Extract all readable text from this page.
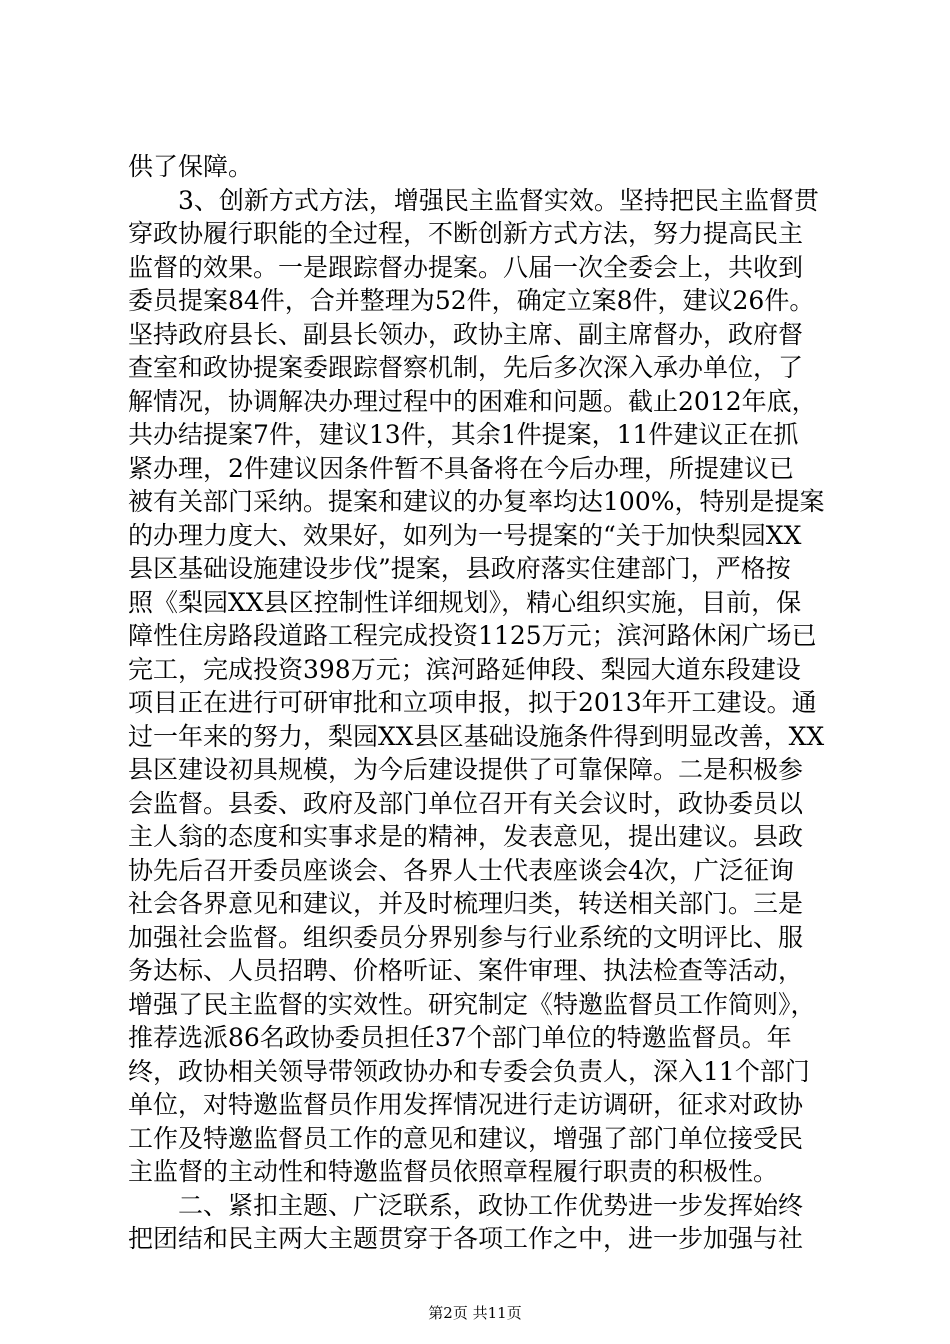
供了保障。
　　3、创新方式方法，增强民主监督实效。坚持把民主监督贯
穿政协履行职能的全过程，不断创新方式方法，努力提高民主
监督的效果。一是跟踪督办提案。八届一次全委会上，共收到
委员提案84件，合并整理为52件，确定立案8件，建议26件。
坚持政府县长、副县长领办，政协主席、副主席督办，政府督
查室和政协提案委跟踪督察机制，先后多次深入承办单位，了
解情况，协调解决办理过程中的困难和问题。截止2012年底，
共办结提案7件，建议13件，其余1件提案，11件建议正在抓
紧办理，2件建议因条件暂不具备将在今后办理，所提建议已
被有关部门采纳。提案和建议的办复率均达100%，特别是提案
的办理力度大、效果好，如列为一号提案的“关于加快梨园XX
县区基础设施建设步伐”提案，县政府落实住建部门，严格按
照《梨园XX县区控制性详细规划》，精心组织实施，目前，保
障性住房路段道路工程完成投资1125万元；滨河路休闲广场已
完工，完成投资398万元；滨河路延伸段、梨园大道东段建设
项目正在进行可研审批和立项申报，拟于2013年开工建设。通
过一年来的努力，梨园XX县区基础设施条件得到明显改善，XX
县区建设初具规模，为今后建设提供了可靠保障。二是积极参
会监督。县委、政府及部门单位召开有关会议时，政协委员以
主人翁的态度和实事求是的精神，发表意见，提出建议。县政
协先后召开委员座谈会、各界人士代表座谈会4次，广泛征询
社会各界意见和建议，并及时梳理归类，转送相关部门。三是
加强社会监督。组织委员分界别参与行业系统的文明评比、服
务达标、人员招聘、价格听证、案件审理、执法检查等活动，
增强了民主监督的实效性。研究制定《特邀监督员工作简则》，
推荐选派86名政协委员担任37个部门单位的特邀监督员。年
终，政协相关领导带领政协办和专委会负责人，深入11个部门
单位，对特邀监督员作用发挥情况进行走访调研，征求对政协
工作及特邀监督员工作的意见和建议，增强了部门单位接受民
主监督的主动性和特邀监督员依照章程履行职责的积极性。
　　二、紧扣主题、广泛联系，政协工作优势进一步发挥始终
把团结和民主两大主题贯穿于各项工作之中，进一步加强与社
第2页 共11页
